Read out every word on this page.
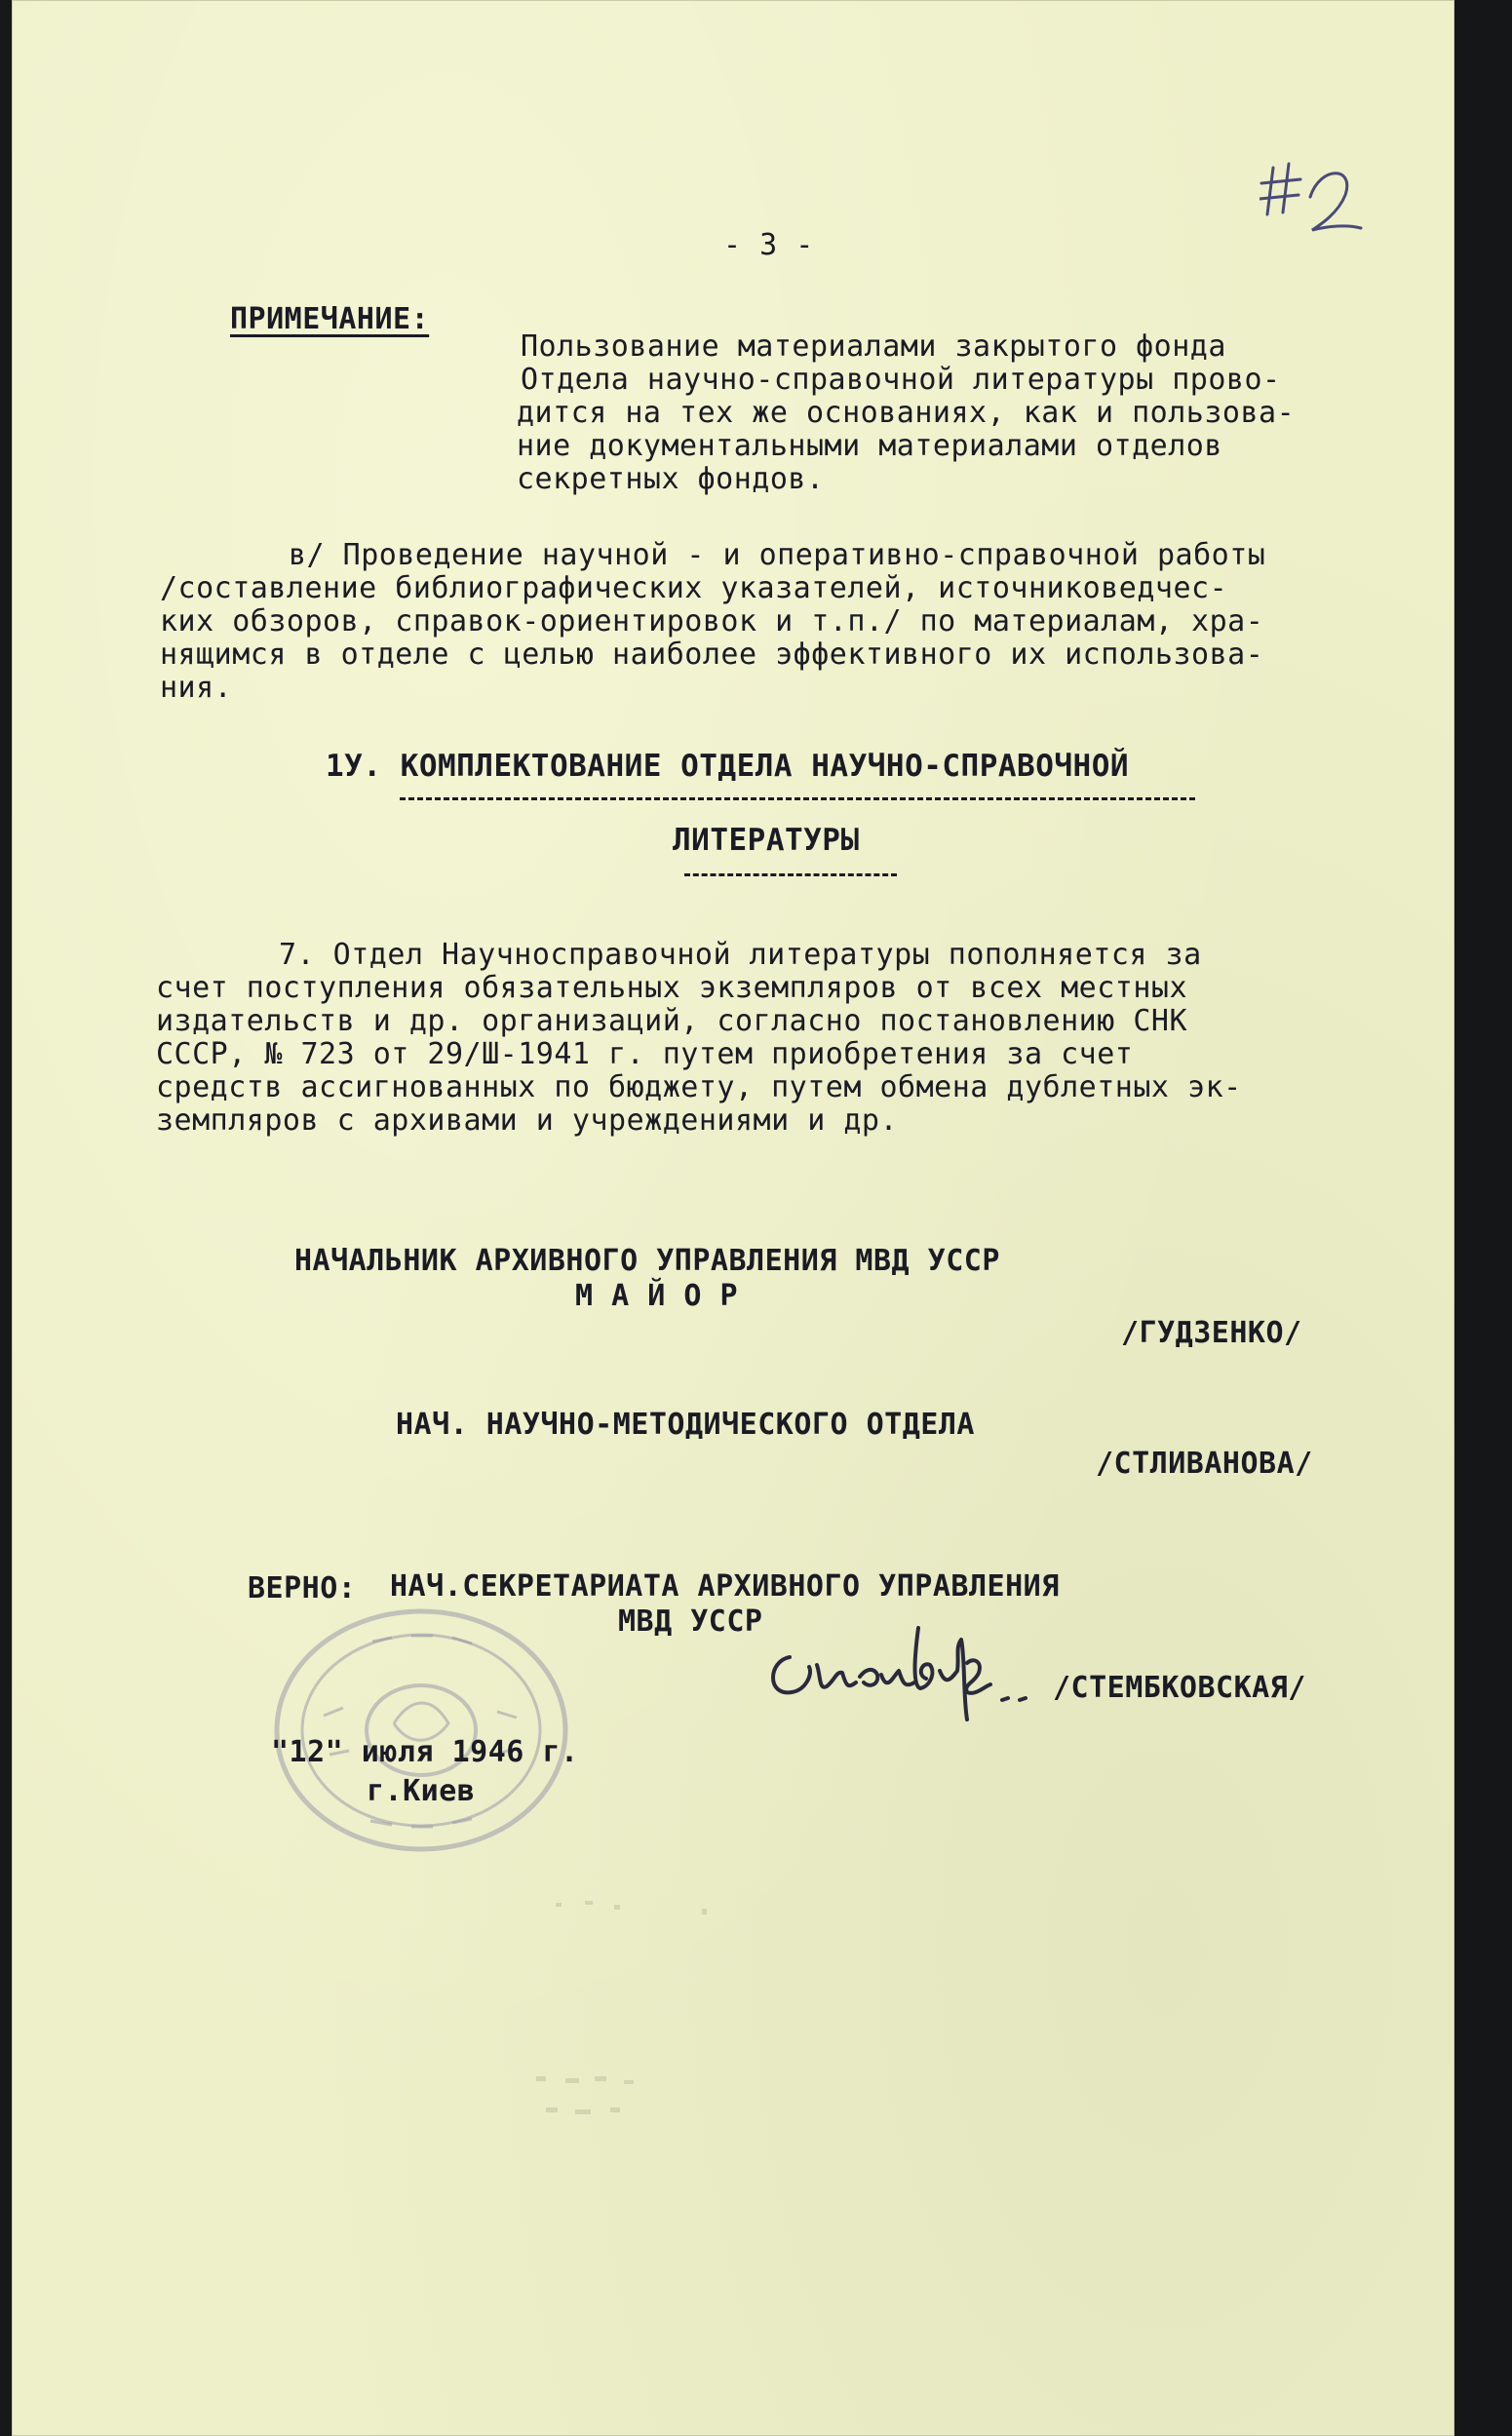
- 3 -
ПРИМЕЧАНИЕ:
Пользование материалами закрытого фонда
Отдела научно-справочной литературы прово-
дится на тех же основаниях, как и пользова-
ние документальными материалами отделов
секретных фондов.
в/ Проведение научной - и оперативно-справочной работы
/составление библиографических указателей, источниковедчес-
ких обзоров, справок-ориентировок и т.п./ по материалам, хра-
нящимся в отделе с целью наиболее эффективного их использова-
ния.
1У. КОМПЛЕКТОВАНИЕ ОТДЕЛА НАУЧНО-СПРАВОЧНОЙ
ЛИТЕРАТУРЫ
7. Отдел Научносправочной литературы пополняется за
счет поступления обязательных экземпляров от всех местных
издательств и др. организаций, согласно постановлению СНК
СССР, № 723 от 29/Ш-1941 г. путем приобретения за счет
средств ассигнованных по бюджету, путем обмена дублетных эк-
земпляров с архивами и учреждениями и др.
НАЧАЛЬНИК АРХИВНОГО УПРАВЛЕНИЯ МВД УССР
М А Й О Р
/ГУДЗЕНКО/
НАЧ. НАУЧНО-МЕТОДИЧЕСКОГО ОТДЕЛА
/СТЛИВАНОВА/
ВЕРНО: НАЧ.СЕКРЕТАРИАТА АРХИВНОГО УПРАВЛЕНИЯ
МВД УССР
/СТЕМБКОВСКАЯ/
"12" июля 1946 г.
г.Киев
